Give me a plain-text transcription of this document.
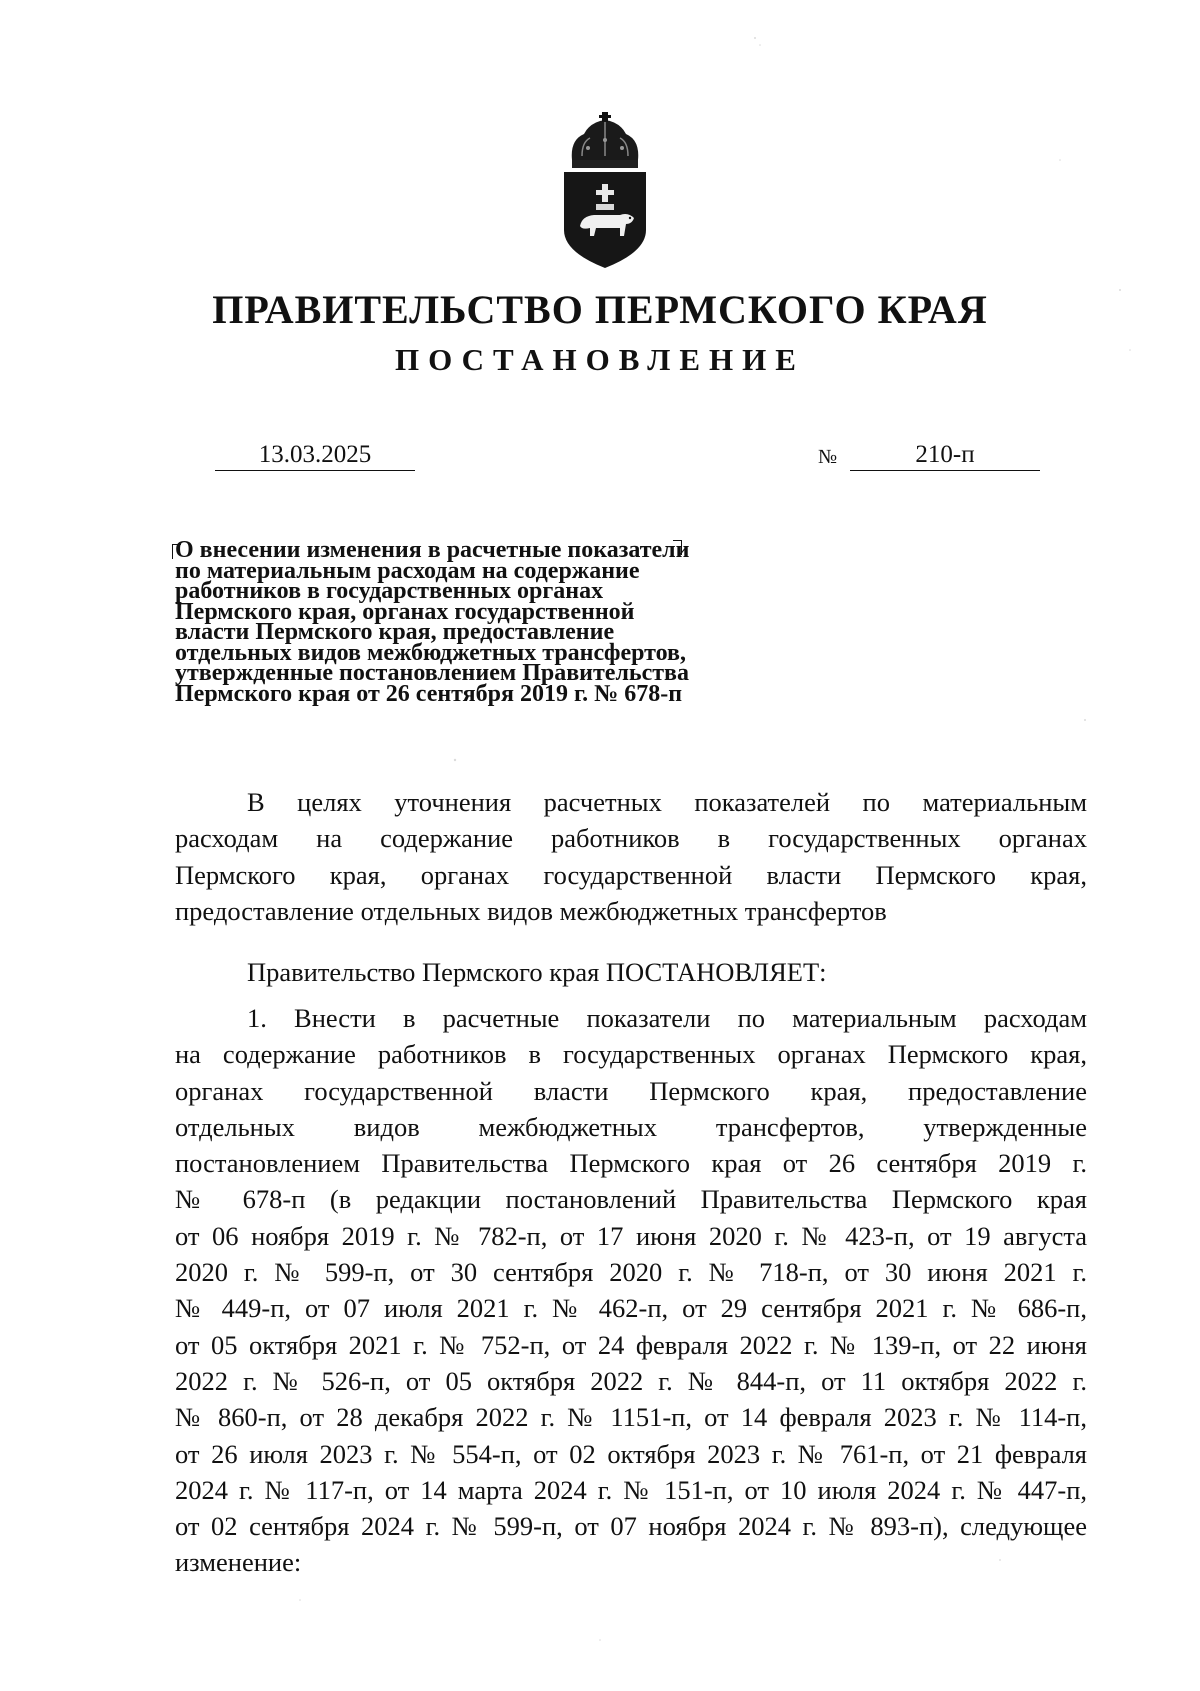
ПРАВИТЕЛЬСТВО ПЕРМСКОГО КРАЯ
ПОСТАНОВЛЕНИЕ
13.03.2025	№	210-п
О внесении изменения в расчетные показатели
по материальным расходам на содержание
работников в государственных органах
Пермского края, органах государственной
власти Пермского края, предоставление
отдельных видов межбюджетных трансфертов,
утвержденные постановлением Правительства
Пермского края от 26 сентября 2019 г. № 678-п
В целях уточнения расчетных показателей по материальным
расходам на содержание работников в государственных органах
Пермского края, органах государственной власти Пермского края,
предоставление отдельных видов межбюджетных трансфертов
Правительство Пермского края ПОСТАНОВЛЯЕТ:
1. Внести в расчетные показатели по материальным расходам
на содержание работников в государственных органах Пермского края,
органах государственной власти Пермского края, предоставление
отдельных видов межбюджетных трансфертов, утвержденные
постановлением Правительства Пермского края от 26 сентября 2019 г.
№ 678-п (в редакции постановлений Правительства Пермского края
от 06 ноября 2019 г. № 782-п, от 17 июня 2020 г. № 423-п, от 19 августа
2020 г. № 599-п, от 30 сентября 2020 г. № 718-п, от 30 июня 2021 г.
№ 449-п, от 07 июля 2021 г. № 462-п, от 29 сентября 2021 г. № 686-п,
от 05 октября 2021 г. № 752-п, от 24 февраля 2022 г. № 139-п, от 22 июня
2022 г. № 526-п, от 05 октября 2022 г. № 844-п, от 11 октября 2022 г.
№ 860-п, от 28 декабря 2022 г. № 1151-п, от 14 февраля 2023 г. № 114-п,
от 26 июля 2023 г. № 554-п, от 02 октября 2023 г. № 761-п, от 21 февраля
2024 г. № 117-п, от 14 марта 2024 г. № 151-п, от 10 июля 2024 г. № 447-п,
от 02 сентября 2024 г. № 599-п, от 07 ноября 2024 г. № 893-п), следующее
изменение:
